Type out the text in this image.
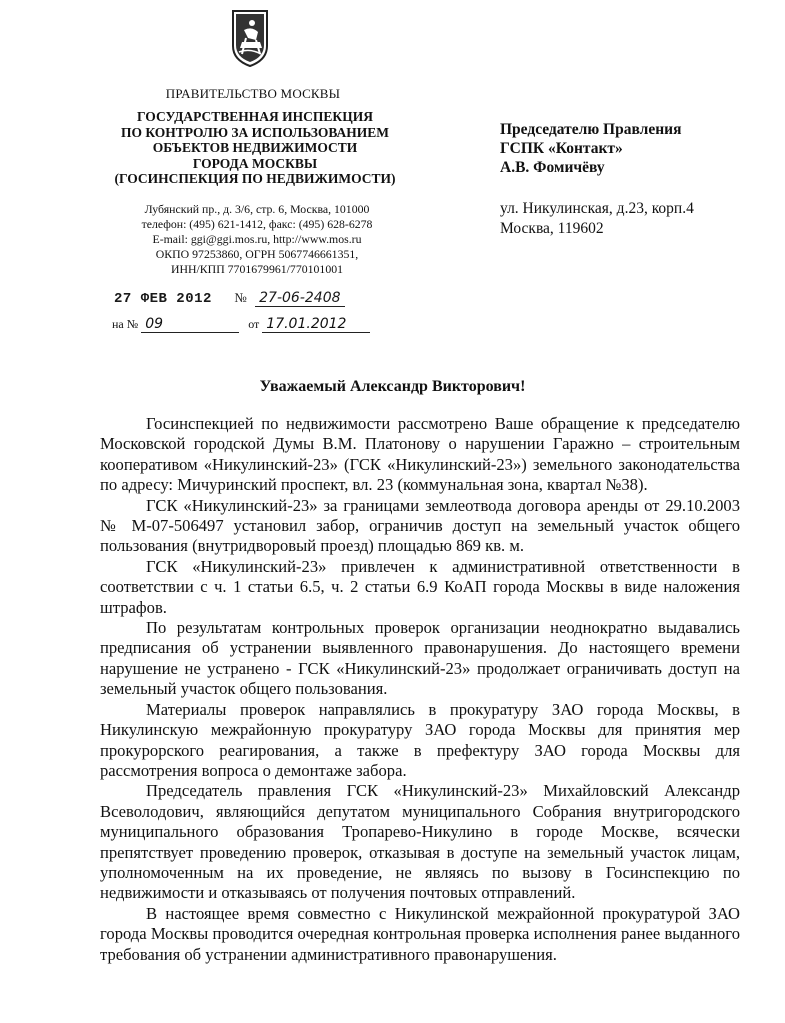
ПРАВИТЕЛЬСТВО МОСКВЫ
ГОСУДАРСТВЕННАЯ ИНСПЕКЦИЯ
ПО КОНТРОЛЮ ЗА ИСПОЛЬЗОВАНИЕМ
ОБЪЕКТОВ НЕДВИЖИМОСТИ
ГОРОДА МОСКВЫ
(ГОСИНСПЕКЦИЯ ПО НЕДВИЖИМОСТИ)
Лубянский пр., д. 3/6, стр. 6, Москва, 101000
телефон: (495) 621-1412, факс: (495) 628-6278
E-mail: ggi@ggi.mos.ru, http://www.mos.ru
ОКПО 97253860, ОГРН 5067746661351,
ИНН/КПП 7701679961/770101001
27 ФЕВ 2012 № 27-06-2408
на № 09	от 17.01.2012
Председателю Правления
ГСПК «Контакт»
А.В. Фомичёву
ул. Никулинская, д.23, корп.4
Москва, 119602
Уважаемый Александр Викторович!

Госинспекцией по недвижимости рассмотрено Ваше обращение к председателю Московской городской Думы В.М. Платонову о нарушении Гаражно – строительным кооперативом «Никулинский-23» (ГСК «Никулинский-23») земельного законодательства по адресу: Мичуринский проспект, вл. 23 (коммунальная зона, квартал №38).

ГСК «Никулинский-23» за границами землеотвода договора аренды от 29.10.2003 № М-07-506497 установил забор, ограничив доступ на земельный участок общего пользования (внутридворовый проезд) площадью 869 кв. м.

ГСК «Никулинский-23» привлечен к административной ответственности в соответствии с ч. 1 статьи 6.5, ч. 2 статьи 6.9 КоАП города Москвы в виде наложения штрафов.

По результатам контрольных проверок организации неоднократно выдавались предписания об устранении выявленного правонарушения. До настоящего времени нарушение не устранено - ГСК «Никулинский-23» продолжает ограничивать доступ на земельный участок общего пользования.

Материалы проверок направлялись в прокуратуру ЗАО города Москвы, в Никулинскую межрайонную прокуратуру ЗАО города Москвы для принятия мер прокурорского реагирования, а также в префектуру ЗАО города Москвы для рассмотрения вопроса о демонтаже забора.

Председатель правления ГСК «Никулинский-23» Михайловский Александр Всеволодович, являющийся депутатом муниципального Собрания внутригородского муниципального образования Тропарево-Никулино в городе Москве, всячески препятствует проведению проверок, отказывая в доступе на земельный участок лицам, уполномоченным на их проведение, не являясь по вызову в Госинспекцию по недвижимости и отказываясь от получения почтовых отправлений.

В настоящее время совместно с Никулинской межрайонной прокуратурой ЗАО города Москвы проводится очередная контрольная проверка исполнения ранее выданного требования об устранении административного правонарушения.
